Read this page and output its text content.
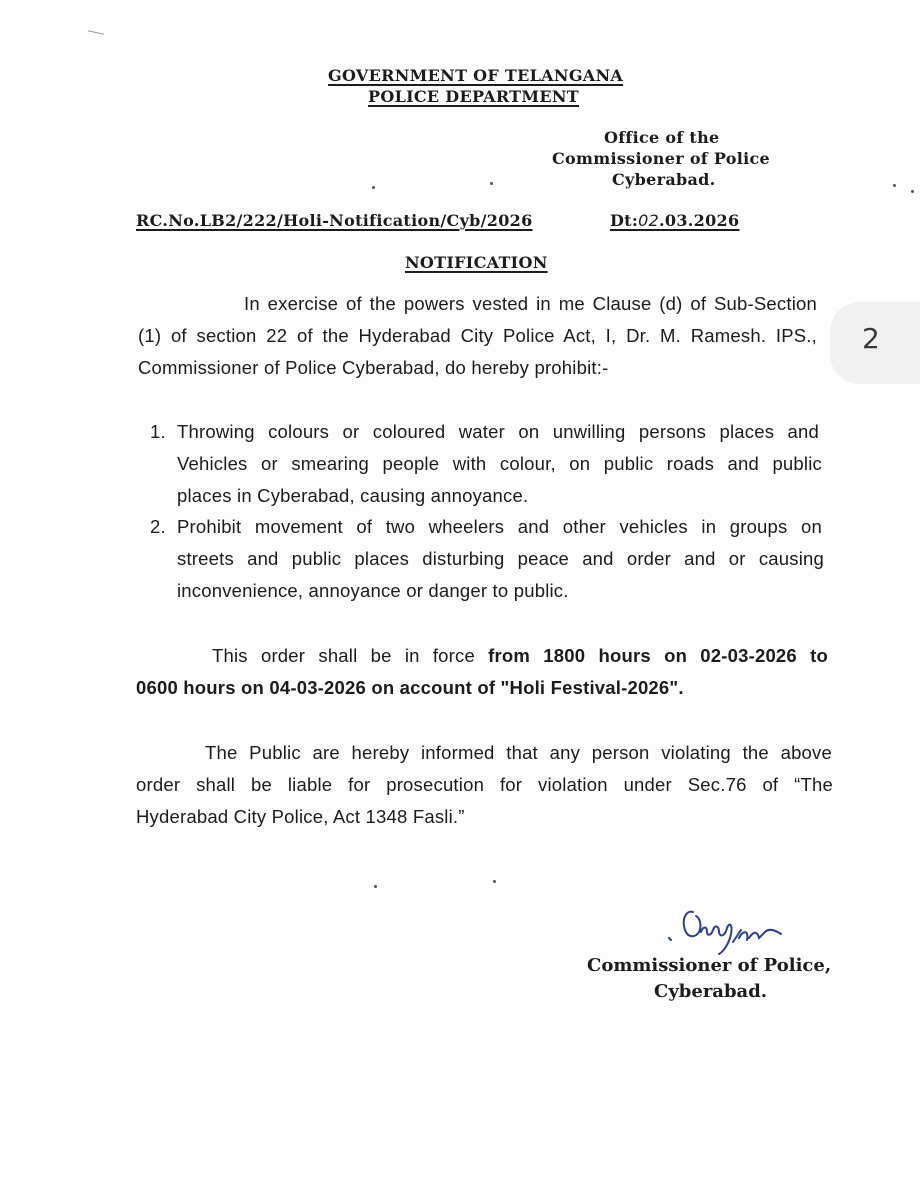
GOVERNMENT OF TELANGANA
POLICE DEPARTMENT
Office of the
Commissioner of Police
Cyberabad.
RC.No.LB2/222/Holi-Notification/Cyb/2026	Dt:02.03.2026
NOTIFICATION
In exercise of the powers vested in me Clause (d) of Sub-Section
(1) of section 22 of the Hyderabad City Police Act, I, Dr. M. Ramesh. IPS.,
Commissioner of Police Cyberabad, do hereby prohibit:-
1. Throwing colours or coloured water on unwilling persons places and
Vehicles or smearing people with colour, on public roads and public
places in Cyberabad, causing annoyance.
2. Prohibit movement of two wheelers and other vehicles in groups on
streets and public places disturbing peace and order and or causing
inconvenience, annoyance or danger to public.
This order shall be in force from 1800 hours on 02-03-2026 to
0600 hours on 04-03-2026 on account of "Holi Festival-2026".
The Public are hereby informed that any person violating the above
order shall be liable for prosecution for violation under Sec.76 of “The
Hyderabad City Police, Act 1348 Fasli.”
Commissioner of Police,
Cyberabad.
2
